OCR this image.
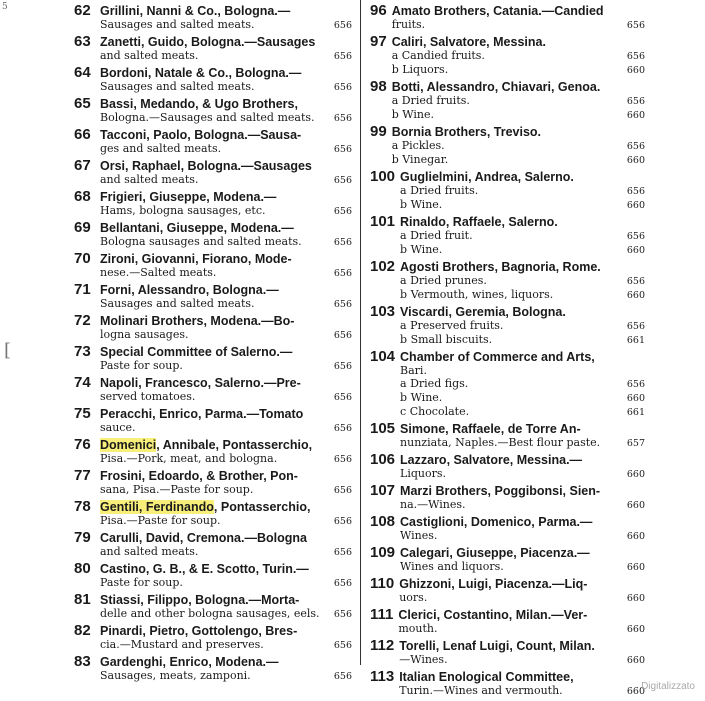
5
[
62 Grillini, Nanni & Co., Bologna.—
Sausages and salted meats.	656
63 Zanetti, Guido, Bologna.—Sausages
and salted meats.	656
64 Bordoni, Natale & Co., Bologna.—
Sausages and salted meats.	656
65 Bassi, Medando, & Ugo Brothers,
Bologna.—Sausages and salted meats. 656
66 Tacconi, Paolo, Bologna.—Sausa-
ges and salted meats.	656
67 Orsi, Raphael, Bologna.—Sausages
and salted meats.	656
68 Frigieri, Giuseppe, Modena.—
Hams, bologna sausages, etc.	656
69 Bellantani, Giuseppe, Modena.—
Bologna sausages and salted meats.	656
70 Zironi, Giovanni, Fiorano, Mode-
nese.—Salted meats.	656
71 Forni, Alessandro, Bologna.—
Sausages and salted meats.	656
72 Molinari Brothers, Modena.—Bo-
logna sausages.	656
73 Special Committee of Salerno.—
Paste for soup.	656
74 Napoli, Francesco, Salerno.—Pre-
served tomatoes.	656
75 Peracchi, Enrico, Parma.—Tomato
sauce.	656
76 Domenici, Annibale, Pontasserchio,
Pisa.—Pork, meat, and bologna.	656
77 Frosini, Edoardo, & Brother, Pon-
sana, Pisa.—Paste for soup.	656
78 Gentili, Ferdinando, Pontasserchio,
Pisa.—Paste for soup.	656
79 Carulli, David, Cremona.—Bologna
and salted meats.	656
80 Castino, G. B., & E. Scotto, Turin.—
Paste for soup.	656
81 Stiassi, Filippo, Bologna.—Morta-
delle and other bologna sausages, eels. 656
82 Pinardi, Pietro, Gottolengo, Bres-
cia.—Mustard and preserves.	656
83 Gardenghi, Enrico, Modena.—
Sausages, meats, zamponi.	656
96 Amato Brothers, Catania.—Candied
fruits.	656
97 Caliri, Salvatore, Messina.
a Candied fruits.	656
b Liquors.	660
98 Botti, Alessandro, Chiavari, Genoa.
a Dried fruits.	656
b Wine.	660
99 Bornia Brothers, Treviso.
a Pickles.	656
b Vinegar.	660
100 Guglielmini, Andrea, Salerno.
a Dried fruits.	656
b Wine.	660
101 Rinaldo, Raffaele, Salerno.
a Dried fruit.	656
b Wine.	660
102 Agosti Brothers, Bagnoria, Rome.
a Dried prunes.	656
b Vermouth, wines, liquors.	660
103 Viscardi, Geremia, Bologna.
a Preserved fruits.	656
b Small biscuits.	661
104 Chamber of Commerce and Arts,
Bari.
a Dried figs.	656
b Wine.	660
c Chocolate.	661
105 Simone, Raffaele, de Torre An-
nunziata, Naples.—Best flour paste.	657
106 Lazzaro, Salvatore, Messina.—
Liquors.	660
107 Marzi Brothers, Poggibonsi, Sien-
na.—Wines.	660
108 Castiglioni, Domenico, Parma.—
Wines.	660
109 Calegari, Giuseppe, Piacenza.—
Wines and liquors.	660
110 Ghizzoni, Luigi, Piacenza.—Liq-
uors.	660
111 Clerici, Costantino, Milan.—Ver-
mouth.	660
112 Torelli, Lenaf Luigi, Count, Milan.
—Wines.	660
113 Italian Enological Committee,
Turin.—Wines and vermouth.	660
Digitalizzato
